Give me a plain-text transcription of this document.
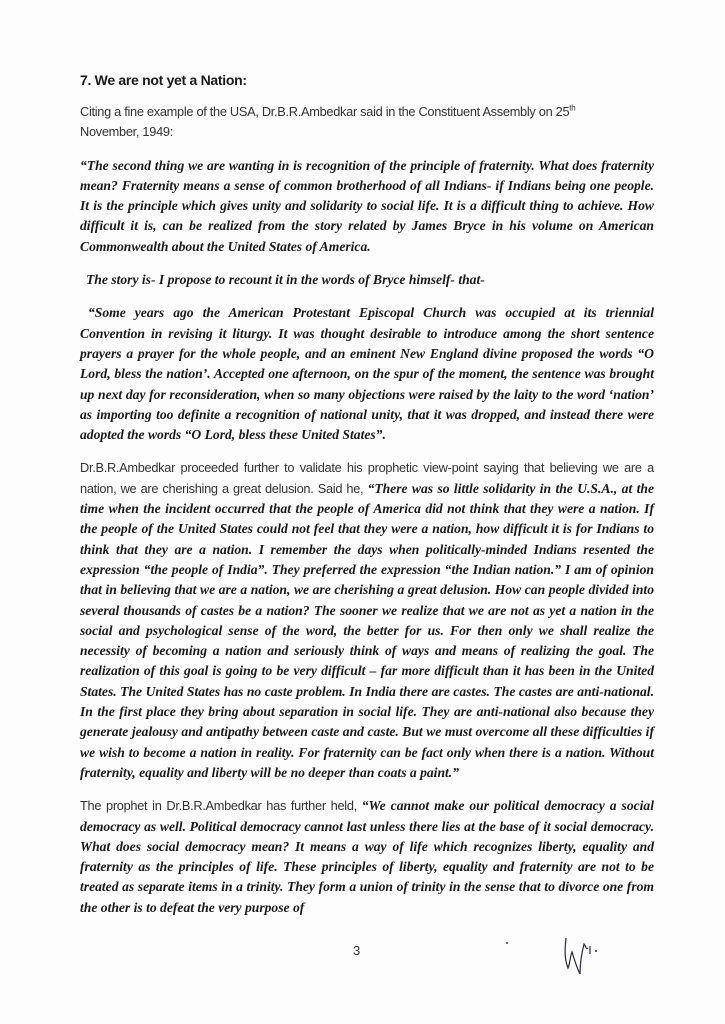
7. We are not yet a Nation:

Citing a fine example of the USA, Dr.B.R.Ambedkar said in the Constituent Assembly on 25th
November, 1949:

“The second thing we are wanting in is recognition of the principle of fraternity. What does fraternity mean? Fraternity means a sense of common brotherhood of all Indians- if Indians being one people. It is the principle which gives unity and solidarity to social life. It is a difficult thing to achieve. How difficult it is, can be realized from the story related by James Bryce in his volume on American Commonwealth about the United States of America.

The story is- I propose to recount it in the words of Bryce himself- that-

“Some years ago the American Protestant Episcopal Church was occupied at its triennial Convention in revising it liturgy. It was thought desirable to introduce among the short sentence prayers a prayer for the whole people, and an eminent New England divine proposed the words “O Lord, bless the nation’. Accepted one afternoon, on the spur of the moment, the sentence was brought up next day for reconsideration, when so many objections were raised by the laity to the word ‘nation’ as importing too definite a recognition of national unity, that it was dropped, and instead there were adopted the words “O Lord, bless these United States”.

Dr.B.R.Ambedkar proceeded further to validate his prophetic view-point saying that believing we are a nation, we are cherishing a great delusion. Said he, “There was so little solidarity in the U.S.A., at the time when the incident occurred that the people of America did not think that they were a nation. If the people of the United States could not feel that they were a nation, how difficult it is for Indians to think that they are a nation. I remember the days when politically-minded Indians resented the expression “the people of India”. They preferred the expression “the Indian nation.” I am of opinion that in believing that we are a nation, we are cherishing a great delusion. How can people divided into several thousands of castes be a nation? The sooner we realize that we are not as yet a nation in the social and psychological sense of the word, the better for us. For then only we shall realize the necessity of becoming a nation and seriously think of ways and means of realizing the goal. The realization of this goal is going to be very difficult – far more difficult than it has been in the United States. The United States has no caste problem. In India there are castes. The castes are anti-national. In the first place they bring about separation in social life. They are anti-national also because they generate jealousy and antipathy between caste and caste. But we must overcome all these difficulties if we wish to become a nation in reality. For fraternity can be fact only when there is a nation. Without fraternity, equality and liberty will be no deeper than coats a paint.”

The prophet in Dr.B.R.Ambedkar has further held, “We cannot make our political democracy a social democracy as well. Political democracy cannot last unless there lies at the base of it social democracy. What does social democracy mean? It means a way of life which recognizes liberty, equality and fraternity as the principles of life. These principles of liberty, equality and fraternity are not to be treated as separate items in a trinity. They form a union of trinity in the sense that to divorce one from the other is to defeat the very purpose of

3
